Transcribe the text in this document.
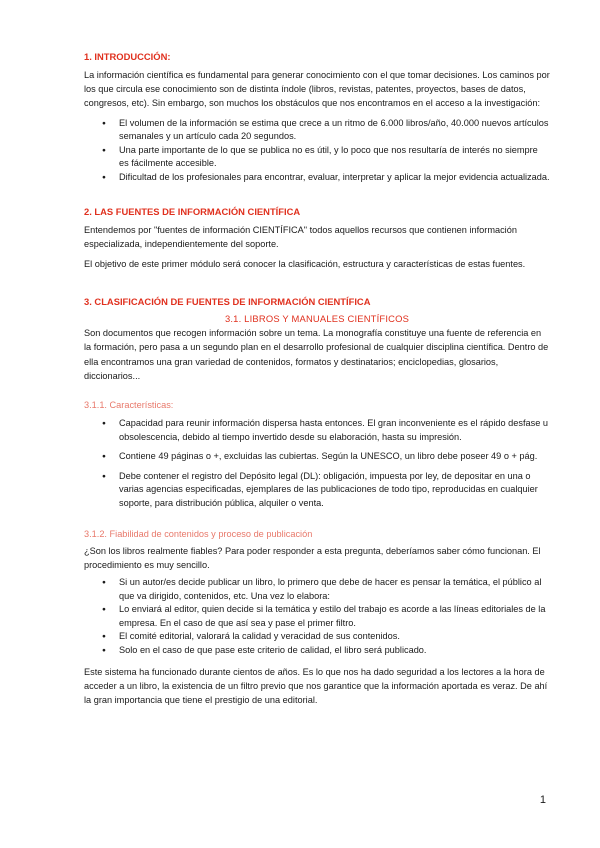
1. INTRODUCCIÓN:

La información científica es fundamental para generar conocimiento con el que tomar decisiones. Los caminos por los que circula ese conocimiento son de distinta índole (libros, revistas, patentes, proyectos, bases de datos, congresos, etc). Sin embargo, son muchos los obstáculos que nos encontramos en el acceso a la investigación:

● El volumen de la información se estima que crece a un ritmo de 6.000 libros/año, 40.000 nuevos artículos semanales y un artículo cada 20 segundos.
● Una parte importante de lo que se publica no es útil, y lo poco que nos resultaría de interés no siempre es fácilmente accesible.
● Dificultad de los profesionales para encontrar, evaluar, interpretar y aplicar la mejor evidencia actualizada.
2. LAS FUENTES DE INFORMACIÓN CIENTÍFICA

Entendemos por "fuentes de información CIENTÍFICA" todos aquellos recursos que contienen información especializada, independientemente del soporte.

El objetivo de este primer módulo será conocer la clasificación, estructura y características de estas fuentes.

3. CLASIFICACIÓN DE FUENTES DE INFORMACIÓN CIENTÍFICA
3.1. LIBROS Y MANUALES CIENTÍFICOS

Son documentos que recogen información sobre un tema. La monografía constituye una fuente de referencia en la formación, pero pasa a un segundo plan en el desarrollo profesional de cualquier disciplina científica. Dentro de ella encontramos una gran variedad de contenidos, formatos y destinatarios; enciclopedias, glosarios, diccionarios...

3.1.1. Características:
● Capacidad para reunir información dispersa hasta entonces. El gran inconveniente es el rápido desfase u obsolescencia, debido al tiempo invertido desde su elaboración, hasta su impresión.
● Contiene 49 páginas o +, excluidas las cubiertas. Según la UNESCO, un libro debe poseer 49 o + pág.
● Debe contener el registro del Depósito legal (DL): obligación, impuesta por ley, de depositar en una o varias agencias especificadas, ejemplares de las publicaciones de todo tipo, reproducidas en cualquier soporte, para distribución pública, alquiler o venta.
3.1.2. Fiabilidad de contenidos y proceso de publicación

¿Son los libros realmente fiables? Para poder responder a esta pregunta, deberíamos saber cómo funcionan. El procedimiento es muy sencillo.

● Si un autor/es decide publicar un libro, lo primero que debe de hacer es pensar la temática, el público al que va dirigido, contenidos, etc. Una vez lo elabora:
● Lo enviará al editor, quien decide si la temática y estilo del trabajo es acorde a las líneas editoriales de la empresa. En el caso de que así sea y pase el primer filtro.
● El comité editorial, valorará la calidad y veracidad de sus contenidos.
● Solo en el caso de que pase este criterio de calidad, el libro será publicado.

Este sistema ha funcionado durante cientos de años. Es lo que nos ha dado seguridad a los lectores a la hora de acceder a un libro, la existencia de un filtro previo que nos garantice que la información aportada es veraz. De ahí la gran importancia que tiene el prestigio de una editorial.

1
